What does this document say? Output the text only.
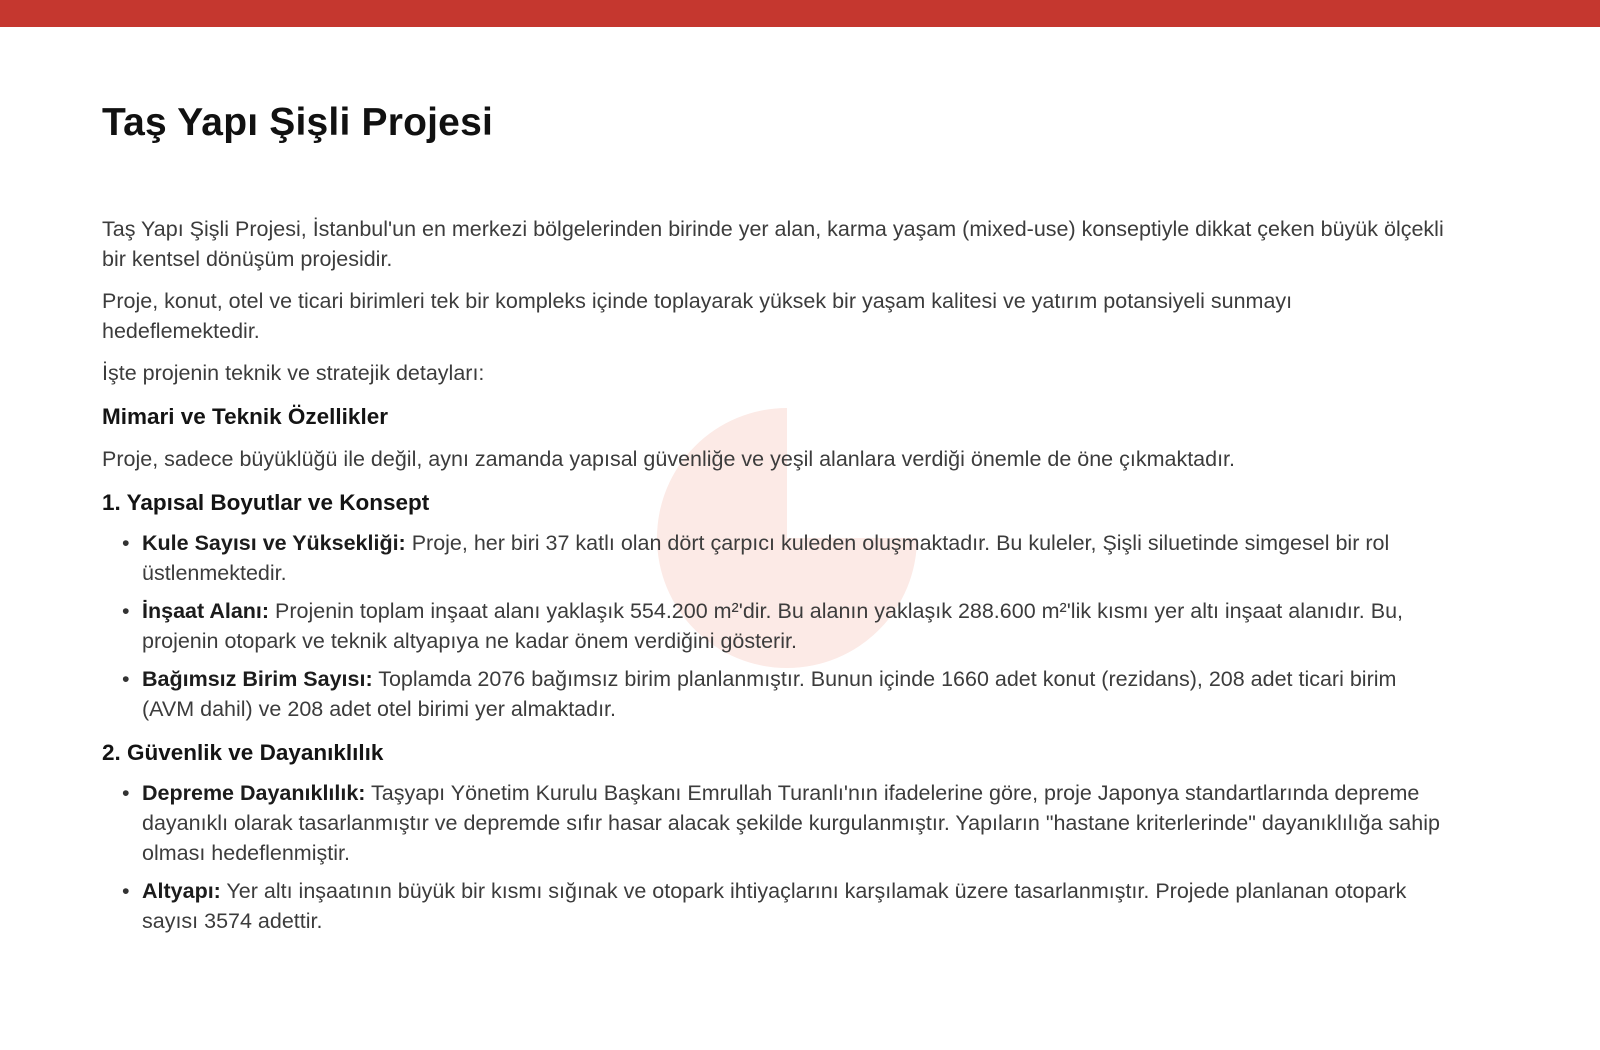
Taş Yapı Şişli Projesi

Taş Yapı Şişli Projesi, İstanbul'un en merkezi bölgelerinden birinde yer alan, karma yaşam (mixed-use) konseptiyle dikkat çeken büyük ölçekli bir kentsel dönüşüm projesidir.

Proje, konut, otel ve ticari birimleri tek bir kompleks içinde toplayarak yüksek bir yaşam kalitesi ve yatırım potansiyeli sunmayı hedeflemektedir.

İşte projenin teknik ve stratejik detayları:

Mimari ve Teknik Özellikler

Proje, sadece büyüklüğü ile değil, aynı zamanda yapısal güvenliğe ve yeşil alanlara verdiği önemle de öne çıkmaktadır.

1. Yapısal Boyutlar ve Konsept
• Kule Sayısı ve Yüksekliği: Proje, her biri 37 katlı olan dört çarpıcı kuleden oluşmaktadır. Bu kuleler, Şişli siluetinde simgesel bir rol üstlenmektedir.
• İnşaat Alanı: Projenin toplam inşaat alanı yaklaşık 554.200 m²'dir. Bu alanın yaklaşık 288.600 m²'lik kısmı yer altı inşaat alanıdır. Bu, projenin otopark ve teknik altyapıya ne kadar önem verdiğini gösterir.
• Bağımsız Birim Sayısı: Toplamda 2076 bağımsız birim planlanmıştır. Bunun içinde 1660 adet konut (rezidans), 208 adet ticari birim (AVM dahil) ve 208 adet otel birimi yer almaktadır.
2. Güvenlik ve Dayanıklılık
• Depreme Dayanıklılık: Taşyapı Yönetim Kurulu Başkanı Emrullah Turanlı'nın ifadelerine göre, proje Japonya standartlarında depreme dayanıklı olarak tasarlanmıştır ve depremde sıfır hasar alacak şekilde kurgulanmıştır. Yapıların "hastane kriterlerinde" dayanıklılığa sahip olması hedeflenmiştir.
• Altyapı: Yer altı inşaatının büyük bir kısmı sığınak ve otopark ihtiyaçlarını karşılamak üzere tasarlanmıştır. Projede planlanan otopark sayısı 3574 adettir.
